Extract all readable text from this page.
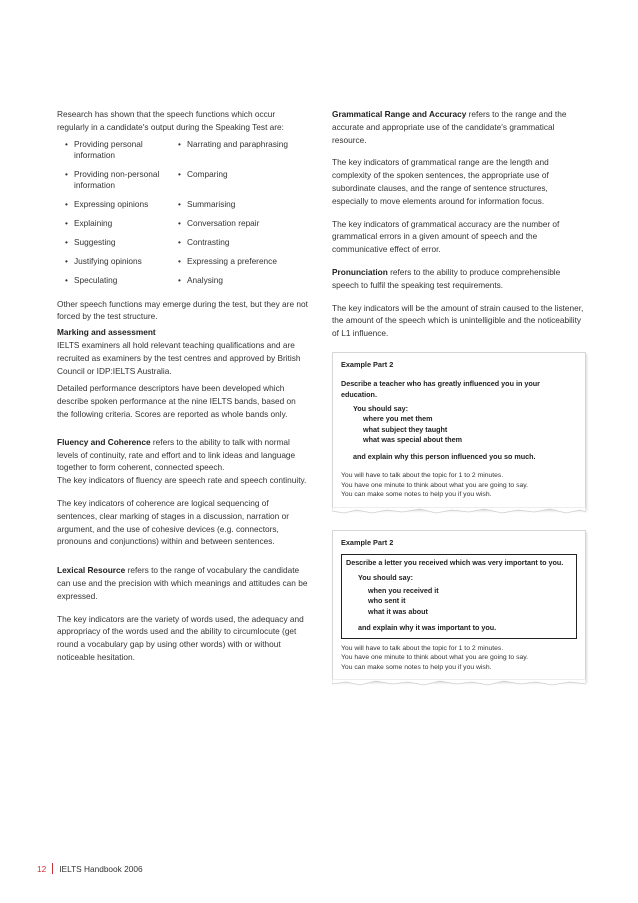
Research has shown that the speech functions which occur regularly in a candidate's output during the Speaking Test are:

• Providing personal information
• Narrating and paraphrasing
• Providing non-personal information
• Comparing
• Expressing opinions	• Summarising
• Explaining	• Conversation repair
• Suggesting	• Contrasting
• Justifying opinions	• Expressing a preference
• Speculating	• Analysing

Other speech functions may emerge during the test, but they are not forced by the test structure.

Marking and assessment

IELTS examiners all hold relevant teaching qualifications and are recruited as examiners by the test centres and approved by British Council or IDP:IELTS Australia.

Detailed performance descriptors have been developed which describe spoken performance at the nine IELTS bands, based on the following criteria. Scores are reported as whole bands only.

Fluency and Coherence refers to the ability to talk with normal levels of continuity, rate and effort and to link ideas and language together to form coherent, connected speech.

The key indicators of fluency are speech rate and speech continuity.

The key indicators of coherence are logical sequencing of sentences, clear marking of stages in a discussion, narration or argument, and the use of cohesive devices (e.g. connectors, pronouns and conjunctions) within and between sentences.

Lexical Resource refers to the range of vocabulary the candidate can use and the precision with which meanings and attitudes can be expressed.

The key indicators are the variety of words used, the adequacy and appropriacy of the words used and the ability to circumlocute (get round a vocabulary gap by using other words) with or without noticeable hesitation.

Grammatical Range and Accuracy refers to the range and the accurate and appropriate use of the candidate's grammatical resource.

The key indicators of grammatical range are the length and complexity of the spoken sentences, the appropriate use of subordinate clauses, and the range of sentence structures, especially to move elements around for information focus.

The key indicators of grammatical accuracy are the number of grammatical errors in a given amount of speech and the communicative effect of error.

Pronunciation refers to the ability to produce comprehensible speech to fulfil the speaking test requirements.

The key indicators will be the amount of strain caused to the listener, the amount of the speech which is unintelligible and the noticeability of L1 influence.

Example Part 2
Describe a teacher who has greatly influenced you in your education.
You should say:
where you met them
what subject they taught
what was special about them
and explain why this person influenced you so much.
You will have to talk about the topic for 1 to 2 minutes.
You have one minute to think about what you are going to say.
You can make some notes to help you if you wish.
Example Part 2
Describe a letter you received which was very important to you.
You should say:
when you received it
who sent it
what it was about
and explain why it was important to you.
You will have to talk about the topic for 1 to 2 minutes.
You have one minute to think about what you are going to say.
You can make some notes to help you if you wish.
12 IELTS Handbook 2006
